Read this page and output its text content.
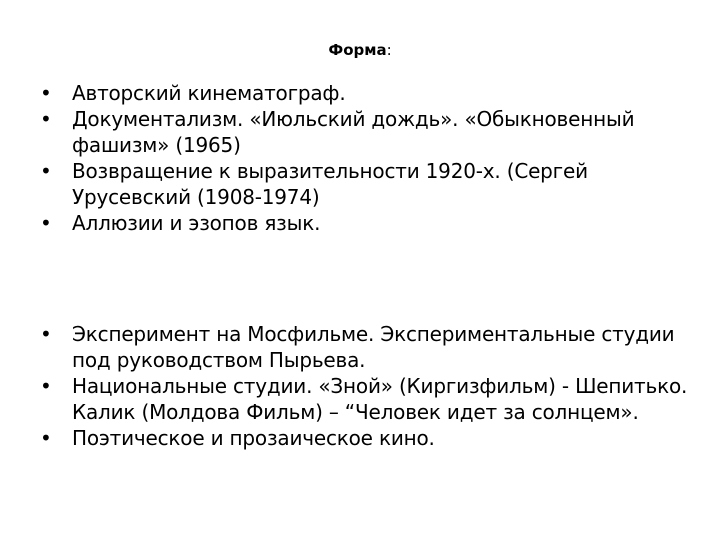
Форма:
•	Авторский кинематограф.
•	Документализм. «Июльский дождь». «Обыкновенный фашизм» (1965)
•	Возвращение к выразительности 1920-х. (Сергей Урусевский (1908-1974)
•	Аллюзии и эзопов язык.
•	Эксперимент на Мосфильме. Экспериментальные студии под руководством Пырьева.
•	Национальные студии. «Зной» (Киргизфильм) - Шепитько. Калик (Молдова Фильм) – “Человек идет за солнцем».
•	Поэтическое и прозаическое кино.
